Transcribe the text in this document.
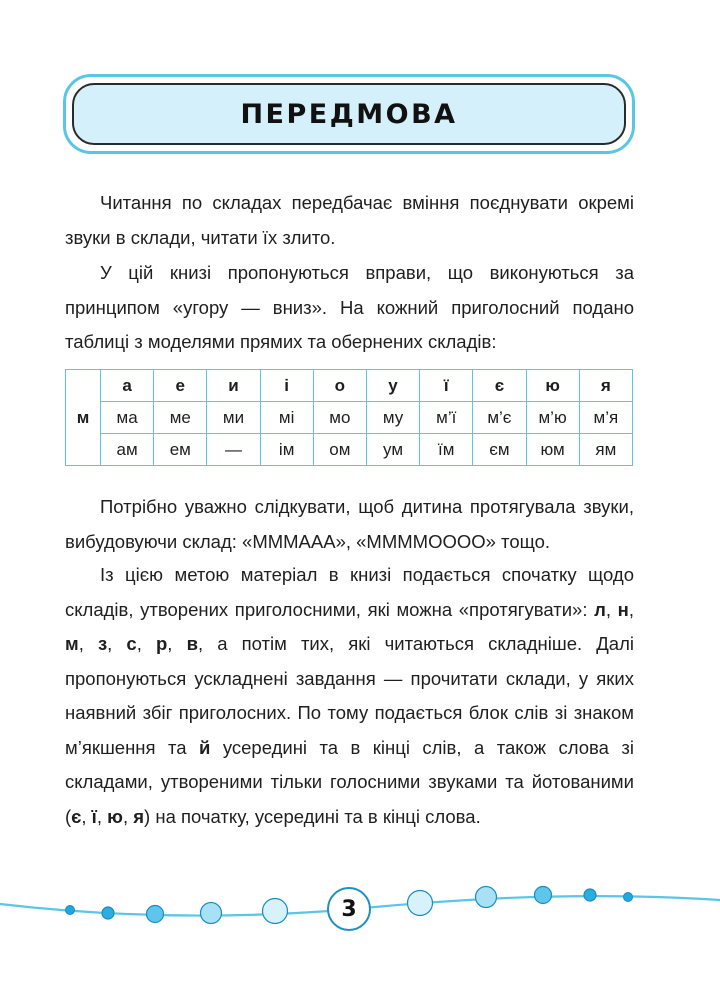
ПЕРЕДМОВА

Читання по складах передбачає вміння поєднувати окремі звуки в склади, читати їх злито.

У цій книзі пропонуються вправи, що виконуються за принципом «угору — вниз». На кожний приголосний подано таблиці з моделями прямих та обернених складів:

м	а	е	и	і	о	у	ї	є	ю	я
	ма	ме	ми	мі	мо	му	м’ї	м’є	м’ю	м’я
	ам	ем	—	ім	ом	ум	їм	єм	юм	ям

Потрібно уважно слідкувати, щоб дитина протягувала звуки, вибудовуючи склад: «МММААА», «ММММОООО» тощо.

Із цією метою матеріал в книзі подається спочатку щодо складів, утворених приголосними, які можна «протягувати»: л, н, м, з, с, р, в, а потім тих, які читаються складніше. Далі пропонуються ускладнені завдання — прочитати склади, у яких наявний збіг приголосних. По тому подається блок слів зі знаком м’якшення та й усередині та в кінці слів, а також слова зі складами, утвореними тільки голосними звуками та йотованими (є, ї, ю, я) на початку, усередині та в кінці слова.

3
